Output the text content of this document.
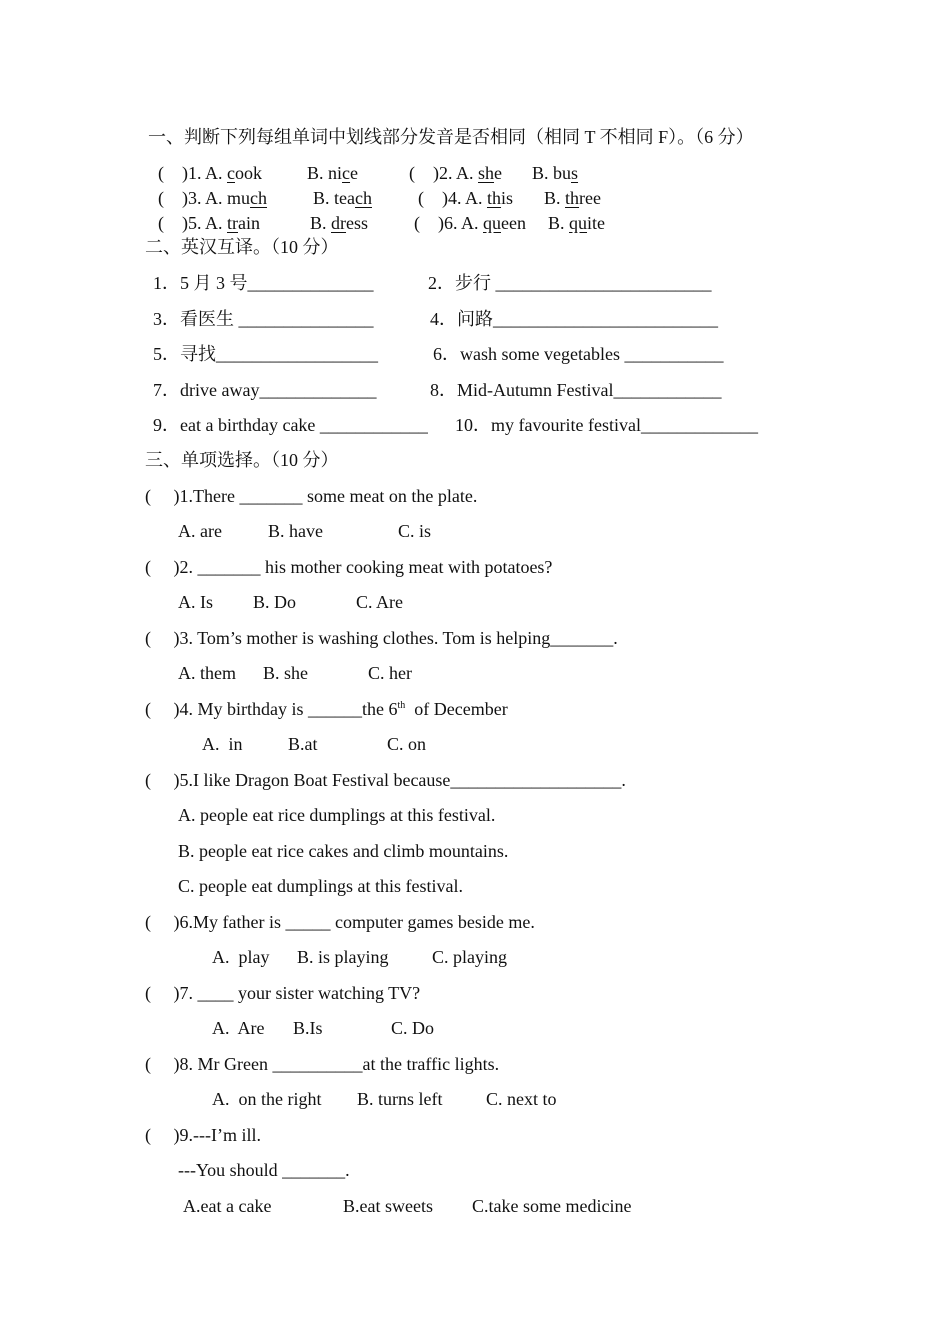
一、判断下列每组单词中划线部分发音是否相同（相同 T 不相同 F）。（6 分）
( )1. A. cook	B. nice	( )2. A. she B. bus
( )3. A. much	B. teach	( )4. A. this B. three
( )5. A. train	B. dress	( )6. A. queen B. quite
二、英汉互译。（10 分）
1．5 月 3 号______________	2．步行 ________________________
3．看医生 _______________	4．问路_________________________
5．寻找__________________	6．wash some vegetables ___________
7．drive away_____________	8．Mid-Autumn Festival____________
9．eat a birthday cake ____________ 10．my favourite festival_____________
三、单项选择。（10 分）
(     )1.There _______ some meat on the plate.
A. are	B. have	C. is
(     )2. _______ his mother cooking meat with potatoes?
A. Is B. Do	C. Are
(     )3. Tom’s mother is washing clothes. Tom is helping_______.
A. them B. she	C. her
(     )4. My birthday is ______the 6th  of December
A.  in	B.at	C. on
(     )5.I like Dragon Boat Festival because___________________.
A. people eat rice dumplings at this festival.
B. people eat rice cakes and climb mountains.
C. people eat dumplings at this festival.
(     )6.My father is _____ computer games beside me.
A.  play B. is playing C. playing
(     )7. ____ your sister watching TV?
A.  Are B.Is	C. Do
(     )8. Mr Green __________at the traffic lights.
A.  on the right B. turns left C. next to
(     )9.---I’m ill.
---You should _______.
A.eat a cake	B.eat sweets C.take some medicine
